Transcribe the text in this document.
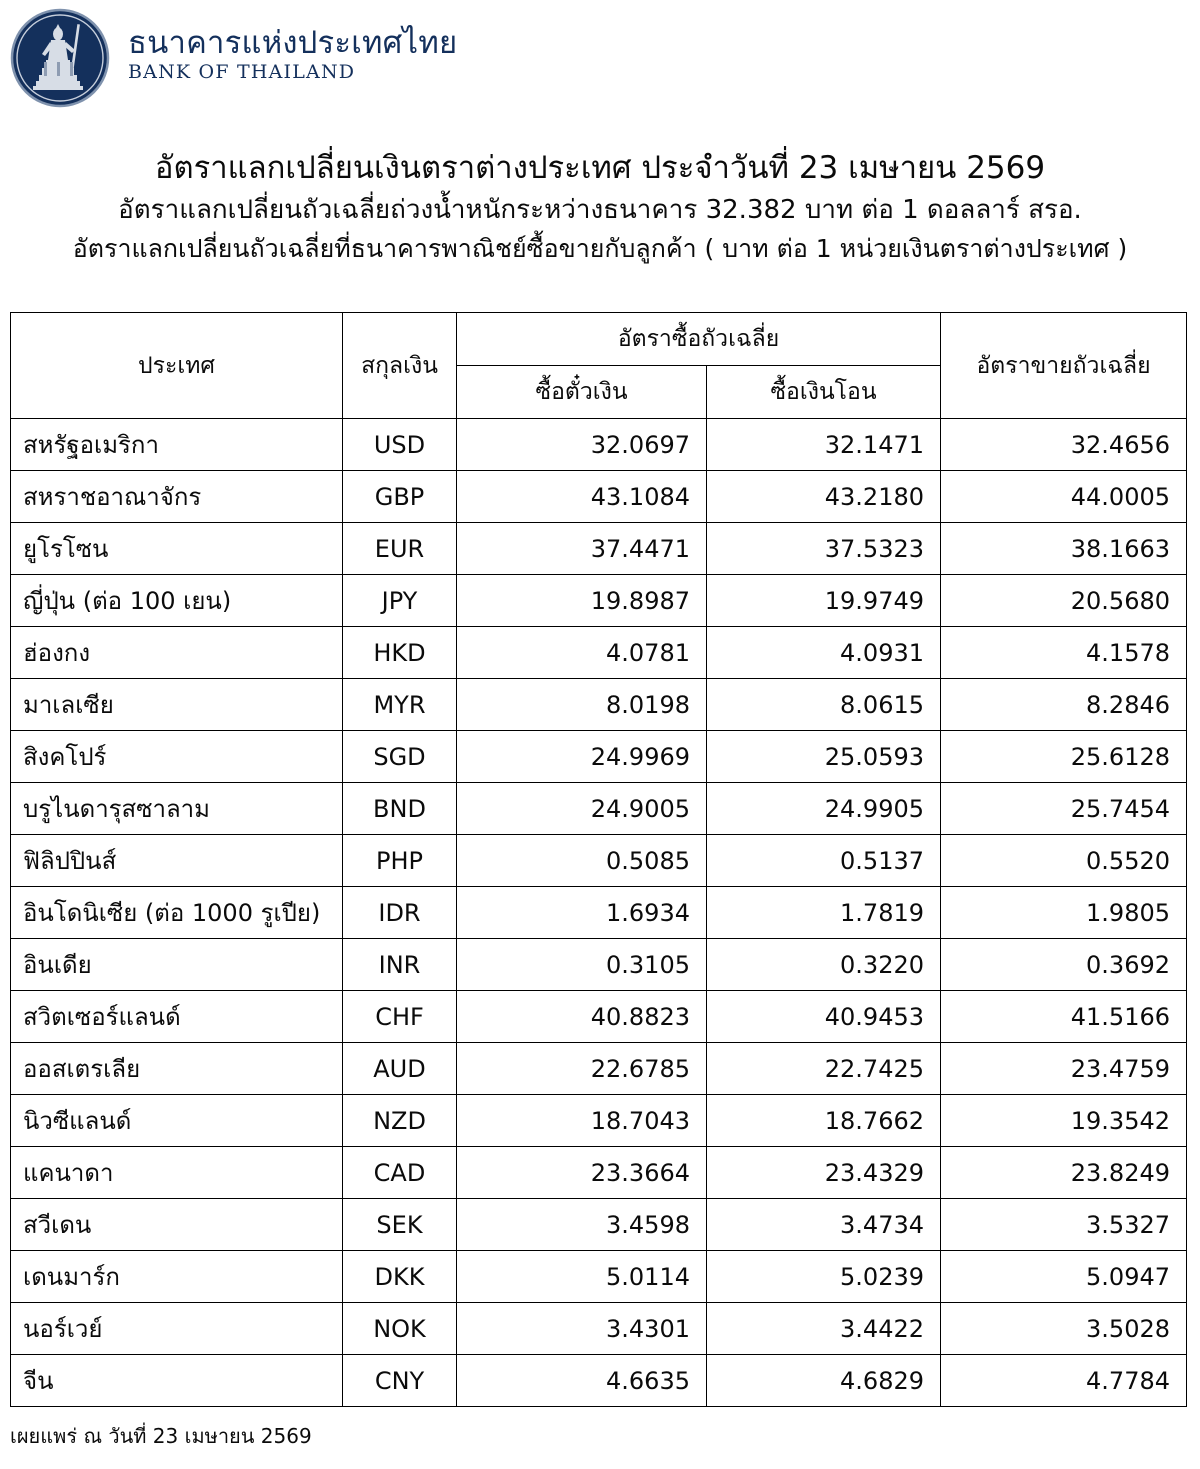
ธนาคารแห่งประเทศไทย
BANK OF THAILAND
อัตราแลกเปลี่ยนเงินตราต่างประเทศ ประจำวันที่ 23 เมษายน 2569
อัตราแลกเปลี่ยนถัวเฉลี่ยถ่วงน้ำหนักระหว่างธนาคาร 32.382 บาท ต่อ 1 ดอลลาร์ สรอ.
อัตราแลกเปลี่ยนถัวเฉลี่ยที่ธนาคารพาณิชย์ซื้อขายกับลูกค้า ( บาท ต่อ 1 หน่วยเงินตราต่างประเทศ )
ประเทศ	สกุลเงิน	อัตราซื้อถัวเฉลี่ย		อัตราขายถัวเฉลี่ย
		ซื้อตั๋วเงิน	ซื้อเงินโอน	
สหรัฐอเมริกา	USD	32.0697	32.1471	32.4656
สหราชอาณาจักร	GBP	43.1084	43.2180	44.0005
ยูโรโซน	EUR	37.4471	37.5323	38.1663
ญี่ปุ่น (ต่อ 100 เยน)	JPY	19.8987	19.9749	20.5680
ฮ่องกง	HKD	4.0781	4.0931	4.1578
มาเลเซีย	MYR	8.0198	8.0615	8.2846
สิงคโปร์	SGD	24.9969	25.0593	25.6128
บรูไนดารุสซาลาม	BND	24.9005	24.9905	25.7454
ฟิลิปปินส์	PHP	0.5085	0.5137	0.5520
อินโดนิเซีย (ต่อ 1000 รูเปีย)	IDR	1.6934	1.7819	1.9805
อินเดีย	INR	0.3105	0.3220	0.3692
สวิตเซอร์แลนด์	CHF	40.8823	40.9453	41.5166
ออสเตรเลีย	AUD	22.6785	22.7425	23.4759
นิวซีแลนด์	NZD	18.7043	18.7662	19.3542
แคนาดา	CAD	23.3664	23.4329	23.8249
สวีเดน	SEK	3.4598	3.4734	3.5327
เดนมาร์ก	DKK	5.0114	5.0239	5.0947
นอร์เวย์	NOK	3.4301	3.4422	3.5028
จีน	CNY	4.6635	4.6829	4.7784
เผยแพร่ ณ วันที่ 23 เมษายน 2569
